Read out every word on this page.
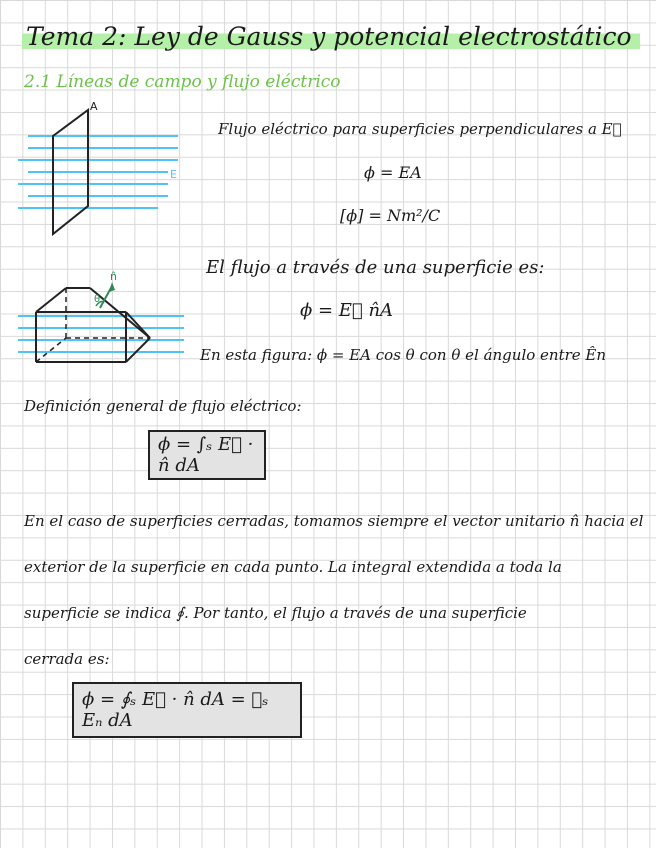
Tema 2: Ley de Gauss y potencial electrostático
2.1 Líneas de campo y flujo eléctrico
A
E
Flujo eléctrico para superficies perpendiculares a E⃗
ϕ = EA
[ϕ] = Nm²/C
n̂
θ
El flujo a través de una superficie es:
ϕ = E⃗ n̂A
En esta figura: ϕ = EA cos θ con θ el ángulo entre Ên
Definición general de flujo eléctrico:
ϕ = ∫ₛ E⃗ · n̂ dA
En el caso de superficies cerradas, tomamos siempre el vector unitario n̂ hacia el
exterior de la superficie en cada punto. La integral extendida a toda la
superficie se indica ∮. Por tanto, el flujo a través de una superficie
cerrada es:
ϕ = ∮ₛ E⃗ · n̂ dA = ∮ₛ Eₙ dA
